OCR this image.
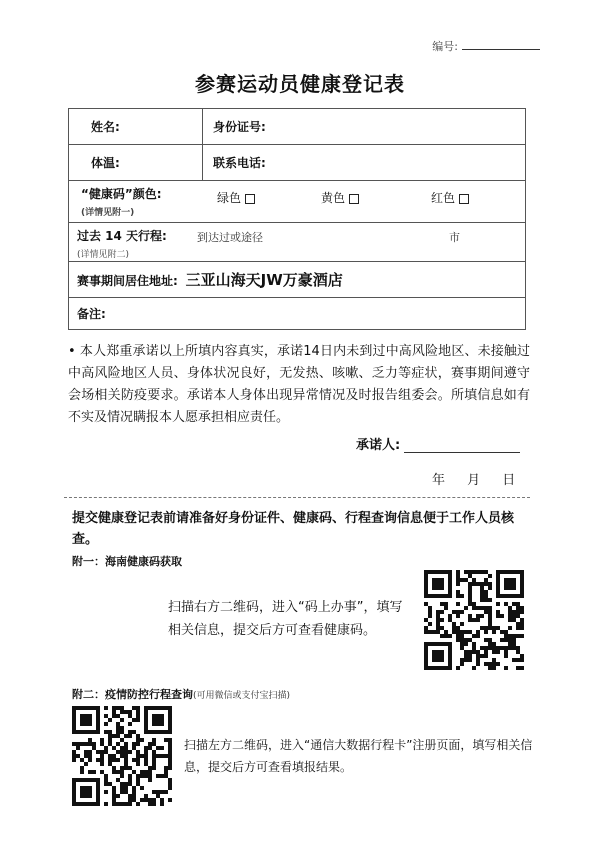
编号:
参赛运动员健康登记表
姓名:	身份证号:
体温:	联系电话:

“健康码”颜色:
(详情见附一)
绿色 黄色 红色	

过去 14 天行程:
(详情见附二)
到达过或途径 市	

赛事期间居住地址: 三亚山海天JW万豪酒店	
备注:	
• 本人郑重承诺以上所填内容真实，承诺14日内未到过中高风险地区、未接触过中高风险地区人员、身体状况良好，无发热、咳嗽、乏力等症状，赛事期间遵守会场相关防疫要求。承诺本人身体出现异常情况及时报告组委会。所填信息如有不实及情况瞒报本人愿承担相应责任。
承诺人:
年 月 日
提交健康登记表前请准备好身份证件、健康码、行程查询信息便于工作人员核查。
附一：海南健康码获取
扫描右方二维码，进入“码上办事”，填写相关信息，提交后方可查看健康码。
附二：疫情防控行程查询(可用微信或支付宝扫描)
扫描左方二维码，进入“通信大数据行程卡”注册页面，填写相关信息，提交后方可查看填报结果。
